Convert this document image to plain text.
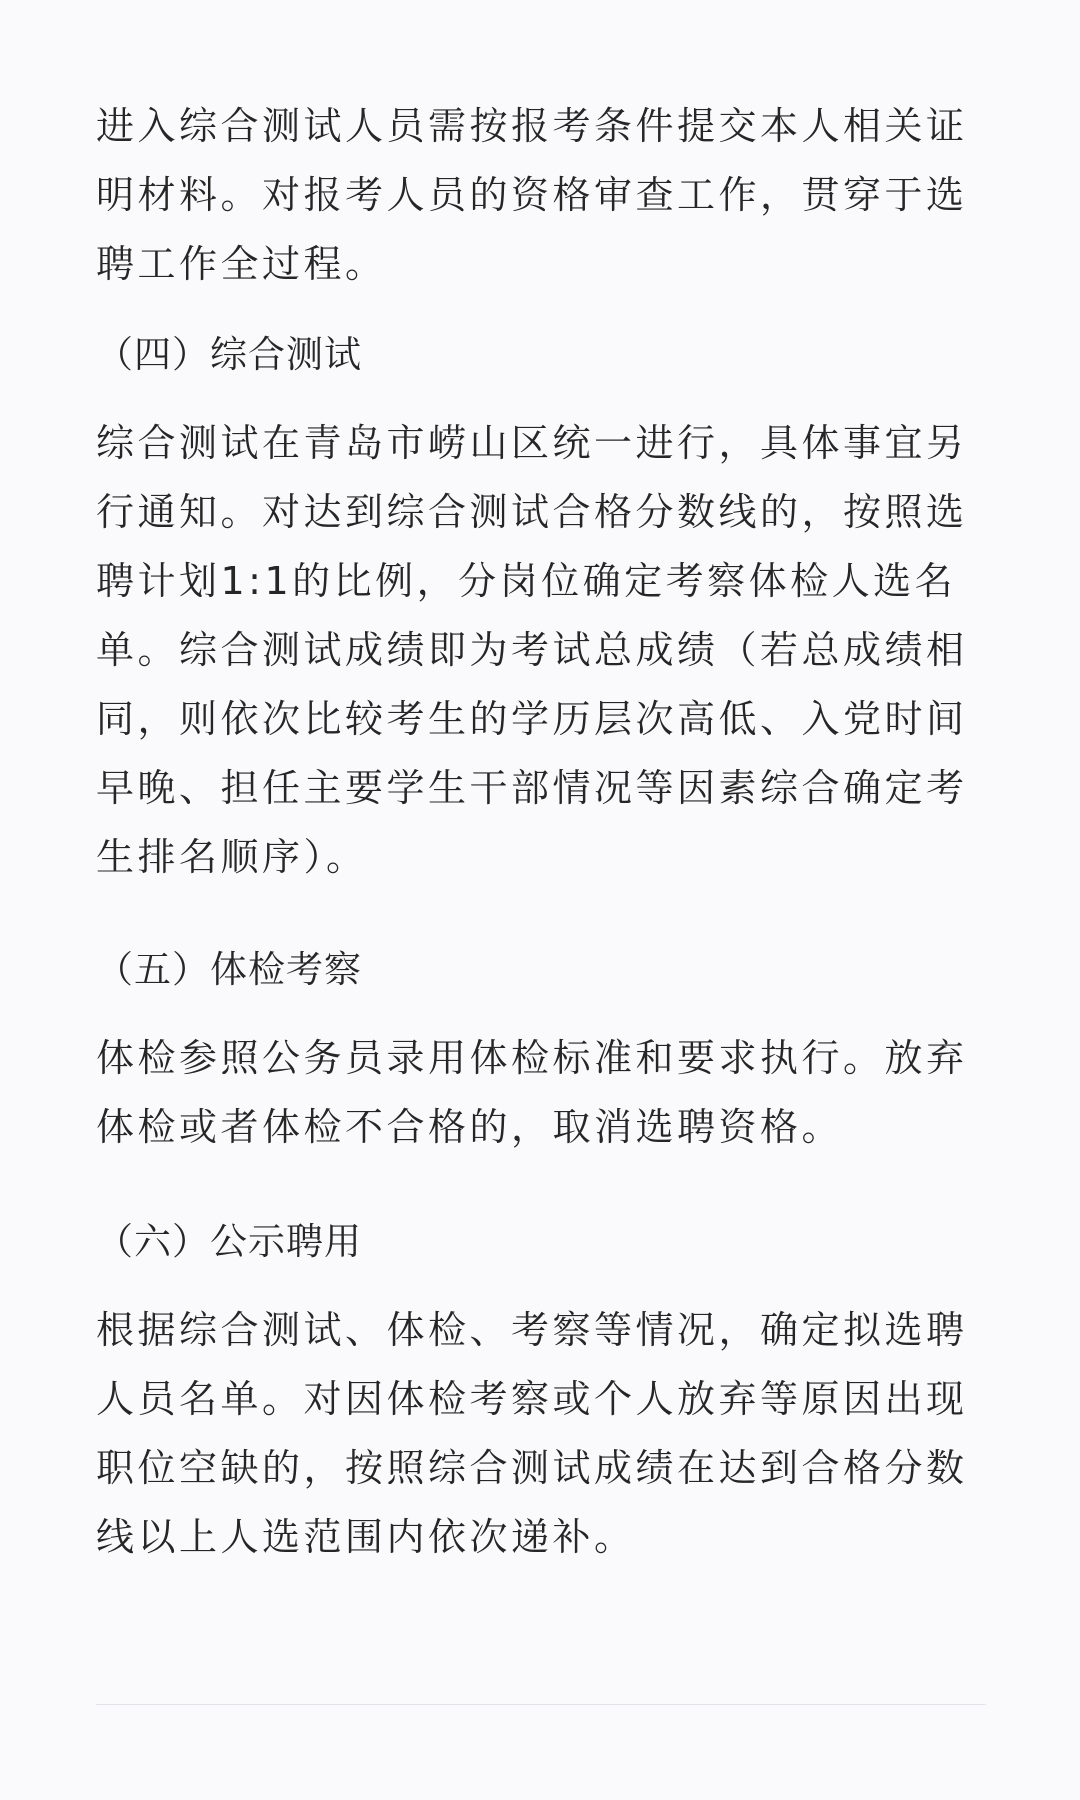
进入综合测试人员需按报考条件提交本人相关证明材料。对报考人员的资格审查工作，贯穿于选聘工作全过程。

（四）综合测试

综合测试在青岛市崂山区统一进行，具体事宜另行通知。对达到综合测试合格分数线的，按照选聘计划1:1的比例，分岗位确定考察体检人选名单。综合测试成绩即为考试总成绩（若总成绩相同，则依次比较考生的学历层次高低、入党时间早晚、担任主要学生干部情况等因素综合确定考生排名顺序）。

（五）体检考察

体检参照公务员录用体检标准和要求执行。放弃体检或者体检不合格的，取消选聘资格。

（六）公示聘用

根据综合测试、体检、考察等情况，确定拟选聘人员名单。对因体检考察或个人放弃等原因出现职位空缺的，按照综合测试成绩在达到合格分数线以上人选范围内依次递补。
